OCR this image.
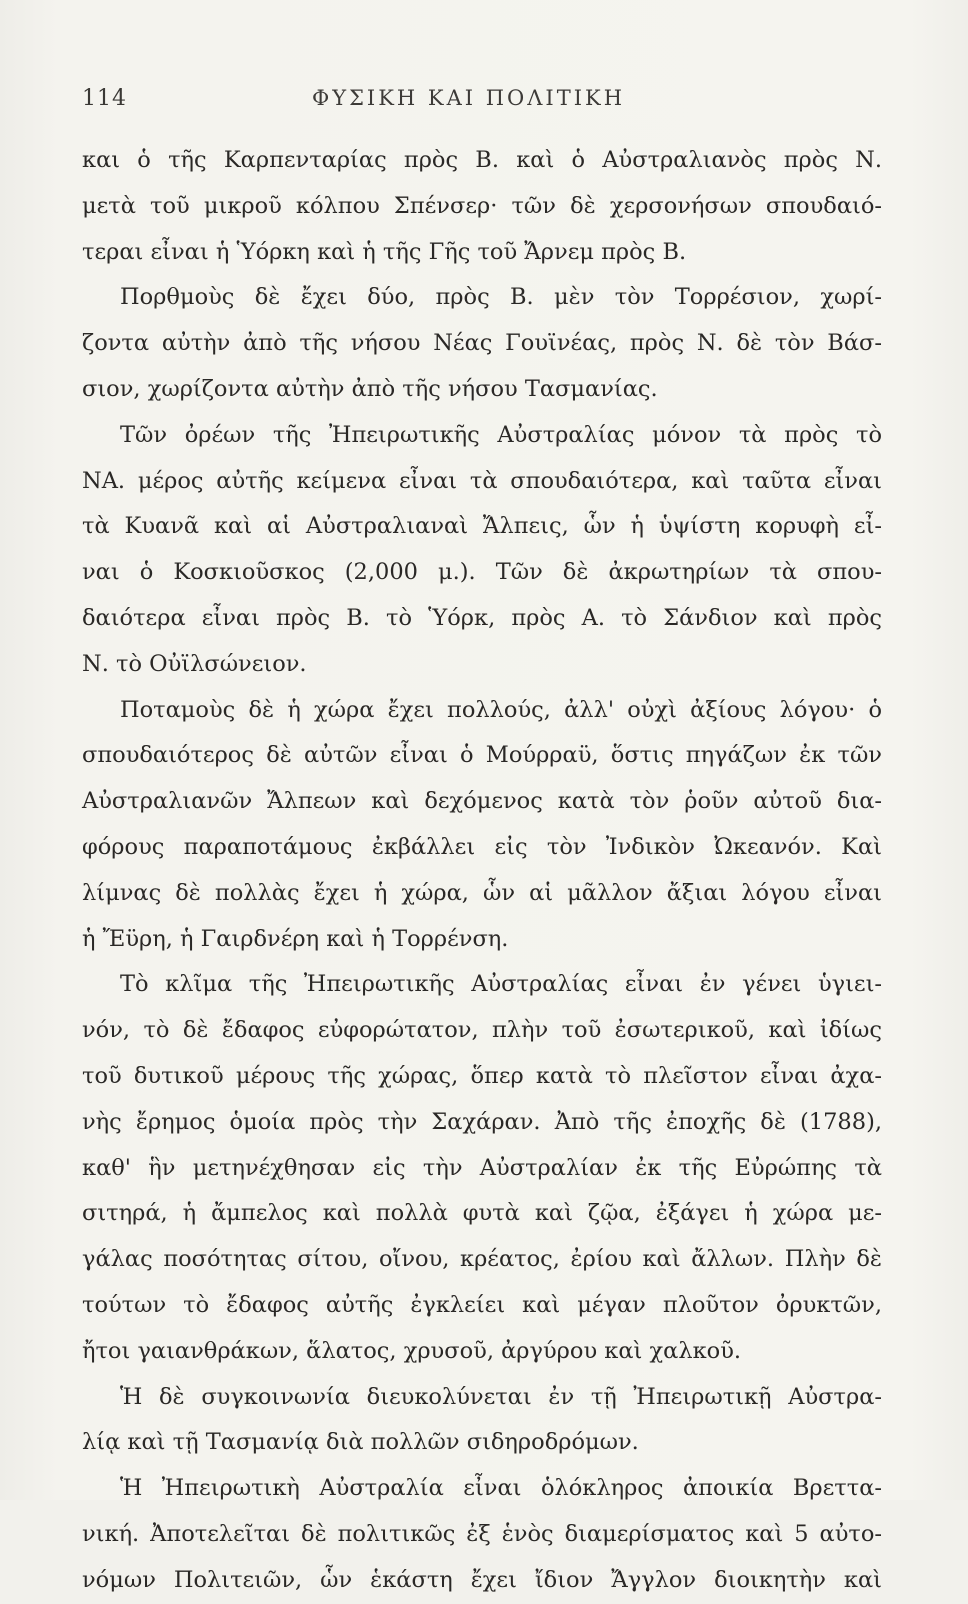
114	ΦΥΣΙΚΗ ΚΑΙ ΠΟΛΙΤΙΚΗ
και ὁ τῆς Καρπενταρίας πρὸς Β. καὶ ὁ Αὐστραλιανὸς πρὸς Ν.
μετὰ τοῦ μικροῦ κόλπου Σπένσερ· τῶν δὲ χερσονήσων σπουδαιό-
τεραι εἶναι ἡ Ὑόρκη καὶ ἡ τῆς Γῆς τοῦ Ἄρνεμ πρὸς Β.
Πορθμοὺς δὲ ἔχει δύο, πρὸς Β. μὲν τὸν Τορρέσιον, χωρί-
ζοντα αὐτὴν ἀπὸ τῆς νήσου Νέας Γουϊνέας, πρὸς Ν. δὲ τὸν Βάσ-
σιον, χωρίζοντα αὐτὴν ἀπὸ τῆς νήσου Τασμανίας.
Τῶν ὀρέων τῆς Ἠπειρωτικῆς Αὐστραλίας μόνον τὰ πρὸς τὸ
ΝΑ. μέρος αὐτῆς κείμενα εἶναι τὰ σπουδαιότερα, καὶ ταῦτα εἶναι
τὰ Κυανᾶ καὶ αἱ Αὐστραλιαναὶ Ἄλπεις, ὧν ἡ ὑψίστη κορυφὴ εἶ-
ναι ὁ Κοσκιοῦσκος (2,000 μ.). Τῶν δὲ ἀκρωτηρίων τὰ σπου-
δαιότερα εἶναι πρὸς Β. τὸ Ὑόρκ, πρὸς Α. τὸ Σάνδιον καὶ πρὸς
Ν. τὸ Οὐϊλσώνειον.
Ποταμοὺς δὲ ἡ χώρα ἔχει πολλούς, ἀλλ' οὐχὶ ἀξίους λόγου· ὁ
σπουδαιότερος δὲ αὐτῶν εἶναι ὁ Μούρραϋ, ὅστις πηγάζων ἐκ τῶν
Αὐστραλιανῶν Ἄλπεων καὶ δεχόμενος κατὰ τὸν ῥοῦν αὐτοῦ δια-
φόρους παραποτάμους ἐκβάλλει εἰς τὸν Ἰνδικὸν Ὠκεανόν. Καὶ
λίμνας δὲ πολλὰς ἔχει ἡ χώρα, ὧν αἱ μᾶλλον ἄξιαι λόγου εἶναι
ἡ Ἔϋρη, ἡ Γαιρδνέρη καὶ ἡ Τορρένση.
Τὸ κλῖμα τῆς Ἠπειρωτικῆς Αὐστραλίας εἶναι ἐν γένει ὑγιει-
νόν, τὸ δὲ ἔδαφος εὐφορώτατον, πλὴν τοῦ ἐσωτερικοῦ, καὶ ἰδίως
τοῦ δυτικοῦ μέρους τῆς χώρας, ὅπερ κατὰ τὸ πλεῖστον εἶναι ἀχα-
νὴς ἔρημος ὁμοία πρὸς τὴν Σαχάραν. Ἀπὸ τῆς ἐποχῆς δὲ (1788),
καθ' ἣν μετηνέχθησαν εἰς τὴν Αὐστραλίαν ἐκ τῆς Εὐρώπης τὰ
σιτηρά, ἡ ἄμπελος καὶ πολλὰ φυτὰ καὶ ζῷα, ἐξάγει ἡ χώρα με-
γάλας ποσότητας σίτου, οἴνου, κρέατος, ἐρίου καὶ ἄλλων. Πλὴν δὲ
τούτων τὸ ἔδαφος αὐτῆς ἐγκλείει καὶ μέγαν πλοῦτον ὀρυκτῶν,
ἤτοι γαιανθράκων, ἅλατος, χρυσοῦ, ἀργύρου καὶ χαλκοῦ.
Ἡ δὲ συγκοινωνία διευκολύνεται ἐν τῇ Ἠπειρωτικῇ Αὐστρα-
λίᾳ καὶ τῇ Τασμανίᾳ διὰ πολλῶν σιδηροδρόμων.
Ἡ Ἠπειρωτικὴ Αὐστραλία εἶναι ὁλόκληρος ἀποικία Βρεττα-
νική. Ἀποτελεῖται δὲ πολιτικῶς ἐξ ἑνὸς διαμερίσματος καὶ 5 αὐτο-
νόμων Πολιτειῶν, ὧν ἑκάστη ἔχει ἴδιον Ἄγγλον διοικητὴν καὶ
